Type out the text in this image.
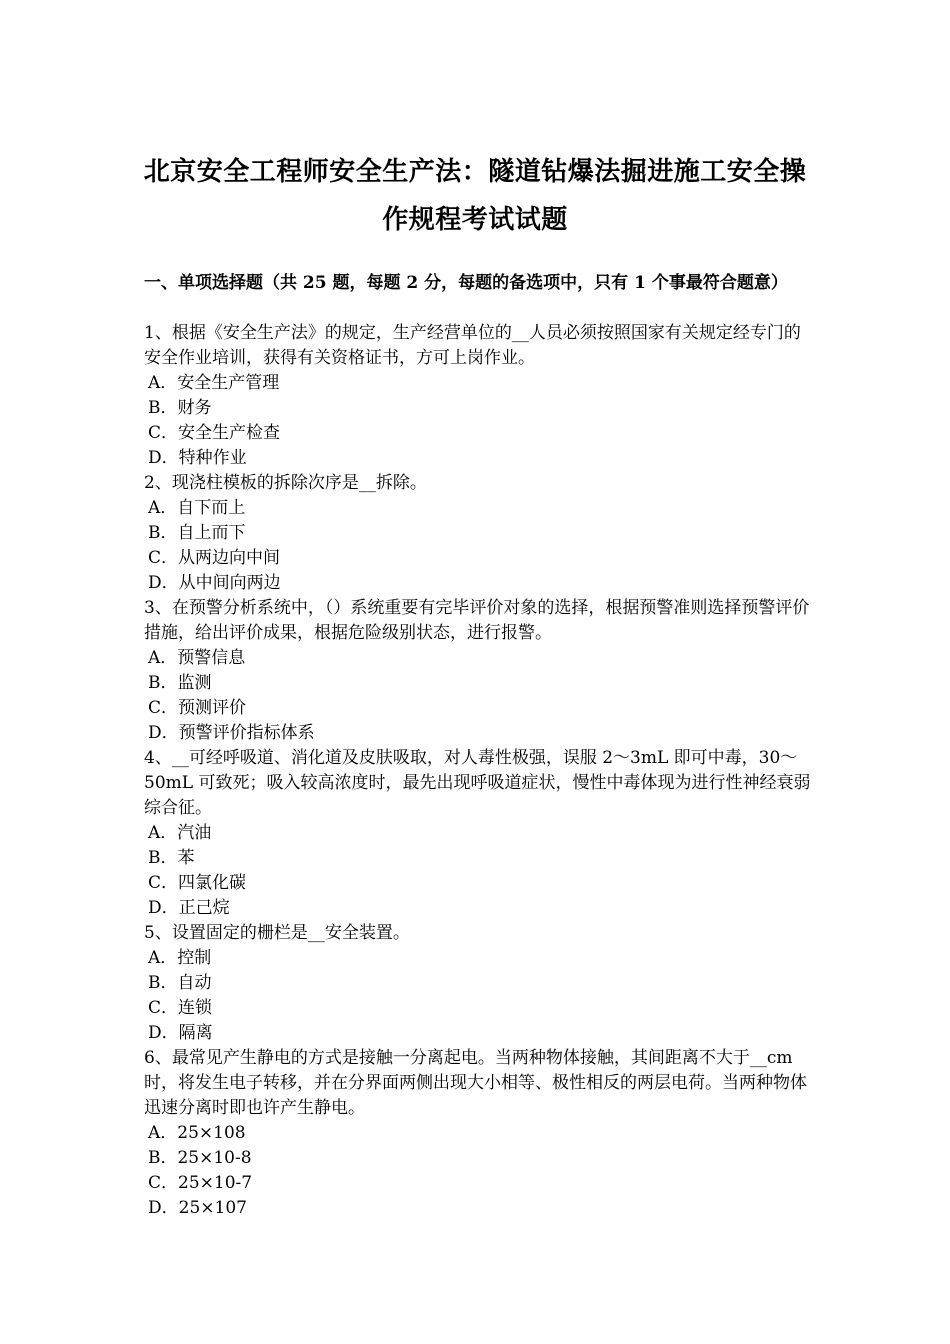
北京安全工程师安全生产法：隧道钻爆法掘进施工安全操
作规程考试试题
一、单项选择题（共 25 题，每题 2 分，每题的备选项中，只有 1 个事最符合题意）

1、根据《安全生产法》的规定，生产经营单位的__人员必须按照国家有关规定经专门的安全作业培训，获得有关资格证书，方可上岗作业。

A．安全生产管理

B．财务

C．安全生产检查

D．特种作业

2、现浇柱模板的拆除次序是__拆除。

A．自下而上

B．自上而下

C．从两边向中间

D．从中间向两边

3、在预警分析系统中，（）系统重要有完毕评价对象的选择，根据预警准则选择预警评价措施，给出评价成果，根据危险级别状态，进行报警。

A．预警信息

B．监测

C．预测评价

D．预警评价指标体系

4、__可经呼吸道、消化道及皮肤吸取，对人毒性极强，误服 2～3mL 即可中毒，30～ 50mL 可致死；吸入较高浓度时，最先出现呼吸道症状，慢性中毒体现为进行性神经衰弱综合征。

A．汽油

B．苯

C．四氯化碳

D．正己烷

5、设置固定的栅栏是__安全装置。

A．控制

B．自动

C．连锁

D．隔离

6、最常见产生静电的方式是接触一分离起电。当两种物体接触，其间距离不大于__cm 时，将发生电子转移，并在分界面两侧出现大小相等、极性相反的两层电荷。当两种物体迅速分离时即也许产生静电。

A．25×108

B．25×10-8

C．25×10-7

D．25×107
